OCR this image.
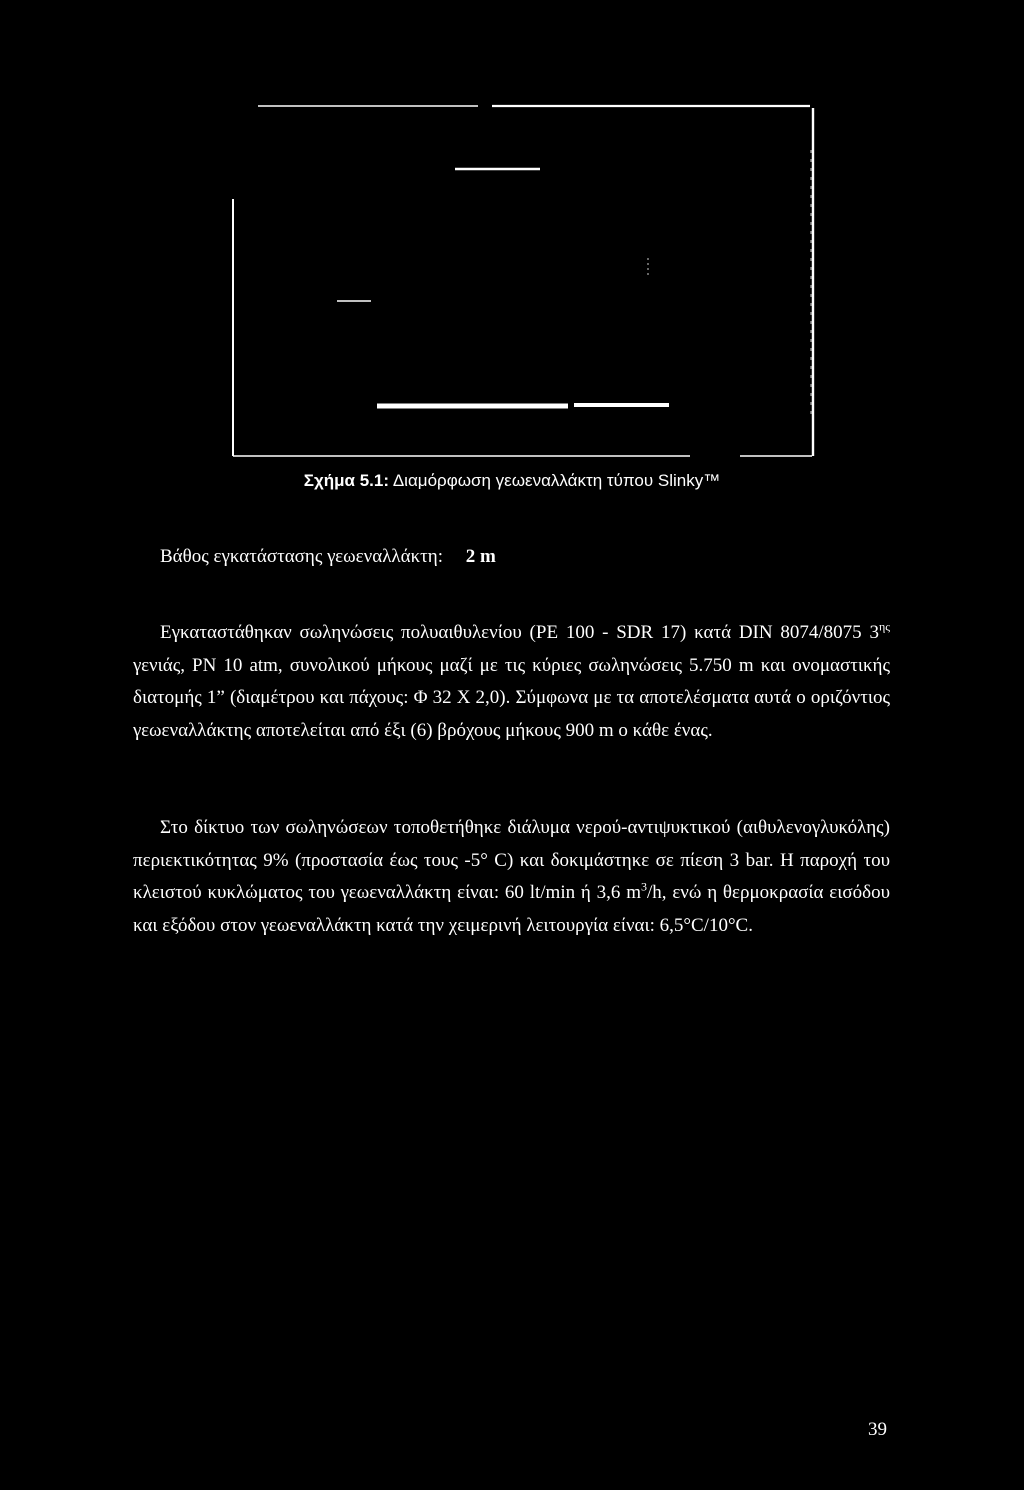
Σχήμα 5.1: Διαμόρφωση γεωεναλλάκτη τύπου Slinky™
Βάθος εγκατάστασης γεωεναλλάκτη: 2 m
Εγκαταστάθηκαν σωληνώσεις πολυαιθυλενίου (PE 100 - SDR 17) κατά DIN 8074/8075 $3^{\eta\varsigma}$ γενιάς, PN 10 atm, συνολικού μήκους μαζί με τις κύριες σωληνώσεις 5.750 m και ονομαστικής διατομής 1” (διαμέτρου και πάχους: Φ 32 Χ 2,0). Σύμφωνα με τα αποτελέσματα αυτά ο οριζόντιος γεωεναλλάκτης αποτελείται από έξι (6) βρόχους μήκους 900 m ο κάθε ένας.
Στο δίκτυο των σωληνώσεων τοποθετήθηκε διάλυμα νερού-αντιψυκτικού (αιθυλενογλυκόλης) περιεκτικότητας 9% (προστασία έως τους -5° C) και δοκιμάστηκε σε πίεση 3 bar. Η παροχή του κλειστού κυκλώματος του γεωεναλλάκτη είναι: 60 lt/min ή 3,6 $m^3/h$, ενώ η θερμοκρασία εισόδου και εξόδου στον γεωεναλλάκτη κατά την χειμερινή λειτουργία είναι: 6,5°C/10°C.
39
